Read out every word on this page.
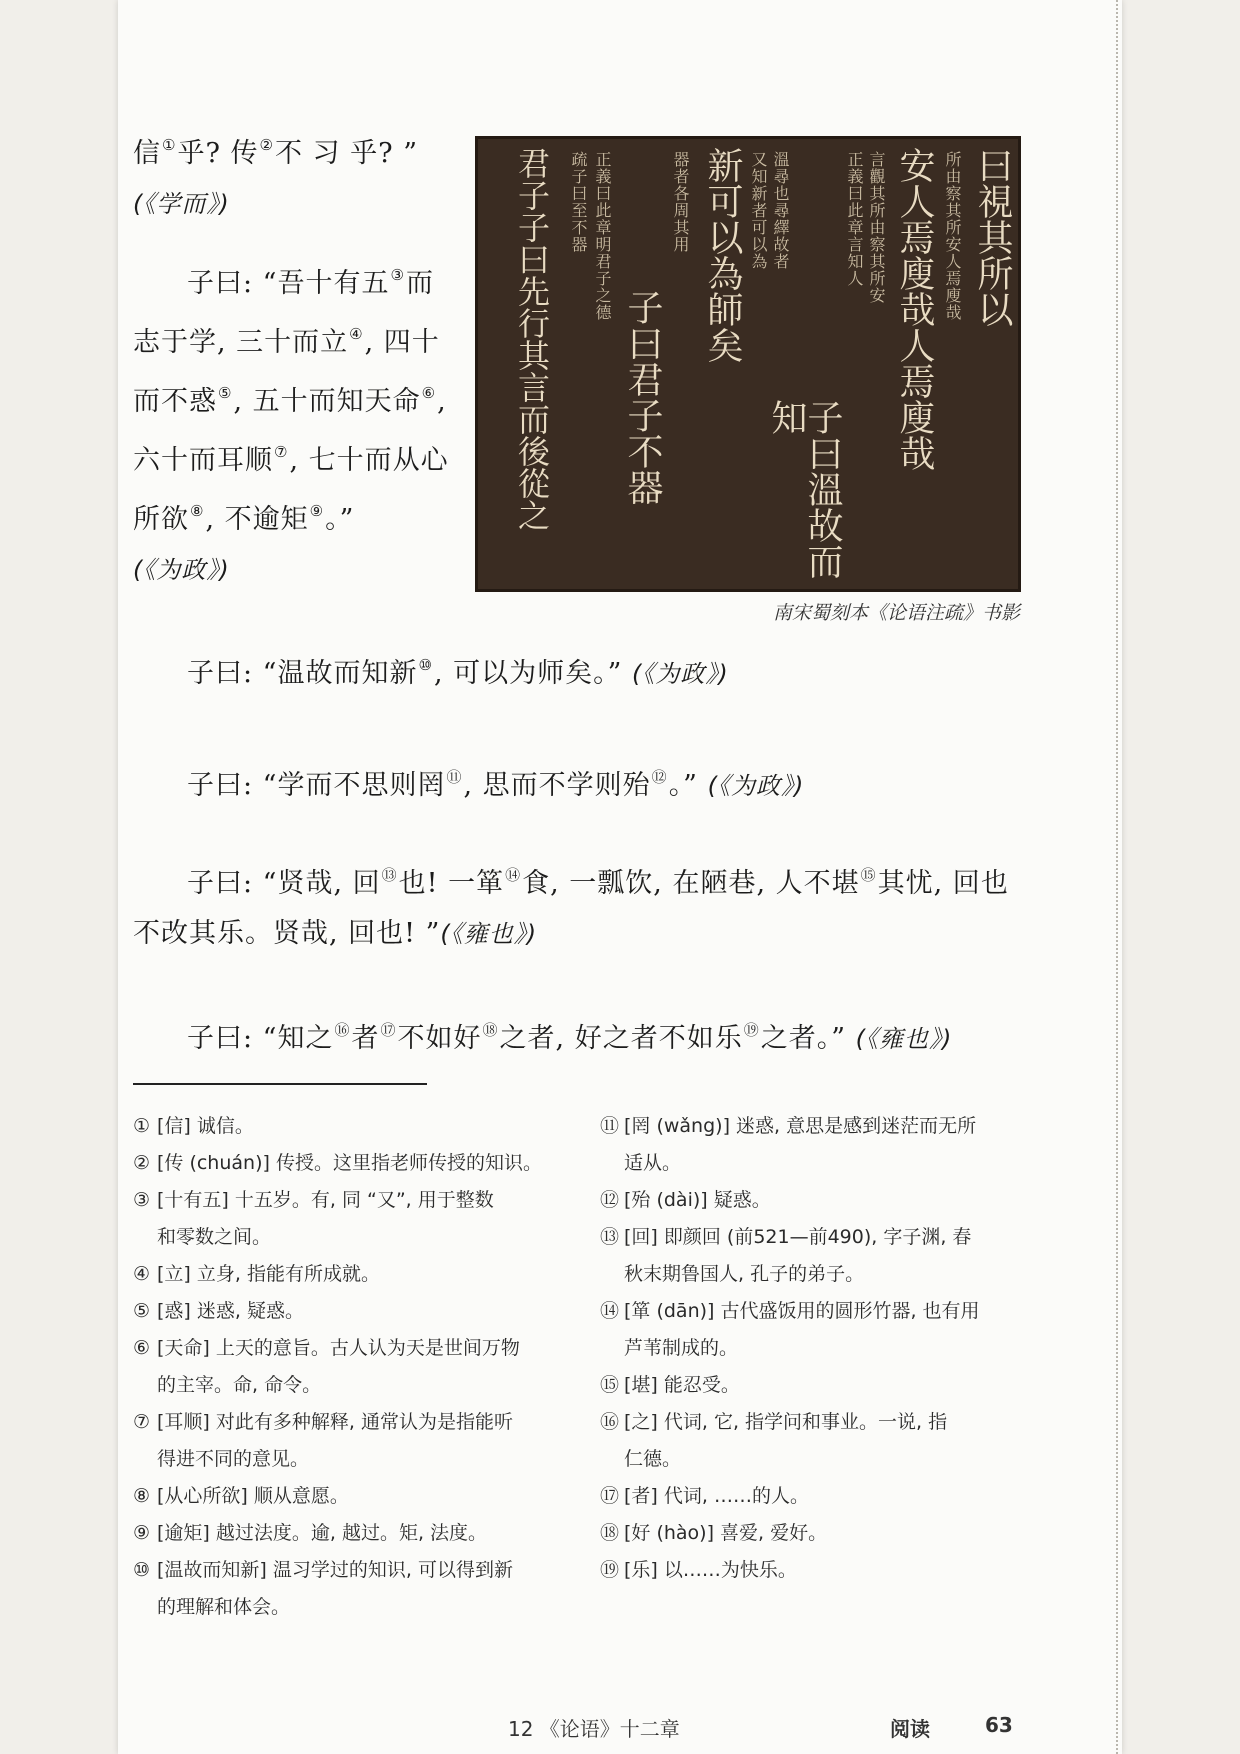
信①乎? 传②不 习 乎? ”
(《学而》)
子曰: “吾十有五③而志于学, 三十而立④, 四十而不惑⑤, 五十而知天命⑥, 六十而耳顺⑦, 七十而从心所欲⑧, 不逾矩⑨。”
(《为政》)
曰視其所以
所由察其所安人焉廋哉
安人焉廋哉人焉廋哉
言觀其所由察其所安
正義曰此章言知人
子曰溫故而知
溫尋也尋繹故者
又知新者可以為
新可以為師矣
器者各周其用
子曰君子不器
正義曰此章明君子之德
疏子曰至不器
君子子曰先行其言而後從之
南宋蜀刻本《论语注疏》书影
子曰: “温故而知新⑩, 可以为师矣。” (《为政》)
子曰: “学而不思则罔⑪, 思而不学则殆⑫。” (《为政》)
子曰: “贤哉, 回⑬也! 一箪⑭食, 一瓢饮, 在陋巷, 人不堪⑮其忧, 回也不改其乐。贤哉, 回也! ”(《雍也》)
子曰: “知之⑯者⑰不如好⑱之者, 好之者不如乐⑲之者。” (《雍也》)

① [信] 诚信。

② [传 (chuán)] 传授。这里指老师传授的知识。

③ [十有五] 十五岁。有, 同 “又”, 用于整数
和零数之间。

④ [立] 立身, 指能有所成就。

⑤ [惑] 迷惑, 疑惑。

⑥ [天命] 上天的意旨。古人认为天是世间万物
的主宰。命, 命令。

⑦ [耳顺] 对此有多种解释, 通常认为是指能听
得进不同的意见。

⑧ [从心所欲] 顺从意愿。

⑨ [逾矩] 越过法度。逾, 越过。矩, 法度。

⑩ [温故而知新] 温习学过的知识, 可以得到新
的理解和体会。

⑪ [罔 (wǎng)] 迷惑, 意思是感到迷茫而无所
适从。

⑫ [殆 (dài)] 疑惑。

⑬ [回] 即颜回 (前521—前490), 字子渊, 春
秋末期鲁国人, 孔子的弟子。

⑭ [箪 (dān)] 古代盛饭用的圆形竹器, 也有用
芦苇制成的。

⑮ [堪] 能忍受。

⑯ [之] 代词, 它, 指学问和事业。一说, 指
仁德。

⑰ [者] 代词, ……的人。

⑱ [好 (hào)] 喜爱, 爱好。

⑲ [乐] 以……为快乐。

12 《论语》十二章	阅读	63
